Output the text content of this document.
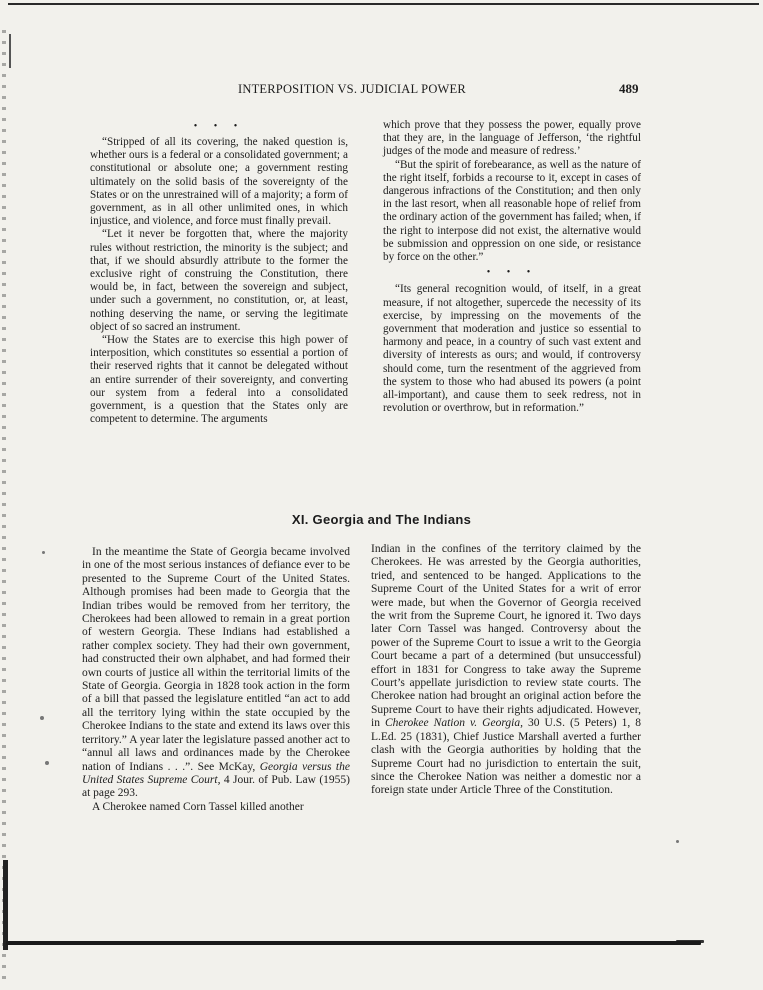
INTERPOSITION VS. JUDICIAL POWER	489
• • •

“Stripped of all its covering, the naked question is, whether ours is a federal or a consolidated government; a constitutional or absolute one; a government resting ultimately on the solid basis of the sovereignty of the States or on the unrestrained will of a majority; a form of government, as in all other unlimited ones, in which injustice, and violence, and force must finally prevail.

“Let it never be forgotten that, where the majority rules without restriction, the minority is the subject; and that, if we should absurdly attribute to the former the exclusive right of construing the Constitution, there would be, in fact, between the sovereign and subject, under such a government, no constitution, or, at least, nothing deserving the name, or serving the legitimate object of so sacred an instrument.

“How the States are to exercise this high power of interposition, which constitutes so essential a portion of their reserved rights that it cannot be delegated without an entire surrender of their sovereignty, and converting our system from a federal into a consolidated government, is a question that the States only are competent to determine. The arguments

which prove that they possess the power, equally prove that they are, in the language of Jefferson, ‘the rightful judges of the mode and measure of redress.’

“But the spirit of forebearance, as well as the nature of the right itself, forbids a recourse to it, except in cases of dangerous infractions of the Constitution; and then only in the last resort, when all reasonable hope of relief from the ordinary action of the government has failed; when, if the right to interpose did not exist, the alternative would be submission and oppression on one side, or resistance by force on the other.”

• • •

“Its general recognition would, of itself, in a great measure, if not altogether, supercede the necessity of its exercise, by impressing on the movements of the government that moderation and justice so essential to harmony and peace, in a country of such vast extent and diversity of interests as ours; and would, if controversy should come, turn the resentment of the aggrieved from the system to those who had abused its powers (a point all-important), and cause them to seek redress, not in revolution or overthrow, but in reformation.”

XI. Georgia and The Indians

In the meantime the State of Georgia became involved in one of the most serious instances of defiance ever to be presented to the Supreme Court of the United States. Although promises had been made to Georgia that the Indian tribes would be removed from her territory, the Cherokees had been allowed to remain in a great portion of western Georgia. These Indians had established a rather complex society. They had their own government, had constructed their own alphabet, and had formed their own courts of justice all within the territorial limits of the State of Georgia. Georgia in 1828 took action in the form of a bill that passed the legislature entitled “an act to add all the territory lying within the state occupied by the Cherokee Indians to the state and extend its laws over this territory.” A year later the legislature passed another act to “annul all laws and ordinances made by the Cherokee nation of Indians . . .”. See McKay, Georgia versus the United States Supreme Court, 4 Jour. of Pub. Law (1955) at page 293.

A Cherokee named Corn Tassel killed another

Indian in the confines of the territory claimed by the Cherokees. He was arrested by the Georgia authorities, tried, and sentenced to be hanged. Applications to the Supreme Court of the United States for a writ of error were made, but when the Governor of Georgia received the writ from the Supreme Court, he ignored it. Two days later Corn Tassel was hanged. Controversy about the power of the Supreme Court to issue a writ to the Georgia Court became a part of a determined (but unsuccessful) effort in 1831 for Congress to take away the Supreme Court’s appellate jurisdiction to review state courts. The Cherokee nation had brought an original action before the Supreme Court to have their rights adjudicated. However, in Cherokee Nation v. Georgia, 30 U.S. (5 Peters) 1, 8 L.Ed. 25 (1831), Chief Justice Marshall averted a further clash with the Georgia authorities by holding that the Supreme Court had no jurisdiction to entertain the suit, since the Cherokee Nation was neither a domestic nor a foreign state under Article Three of the Constitution.
